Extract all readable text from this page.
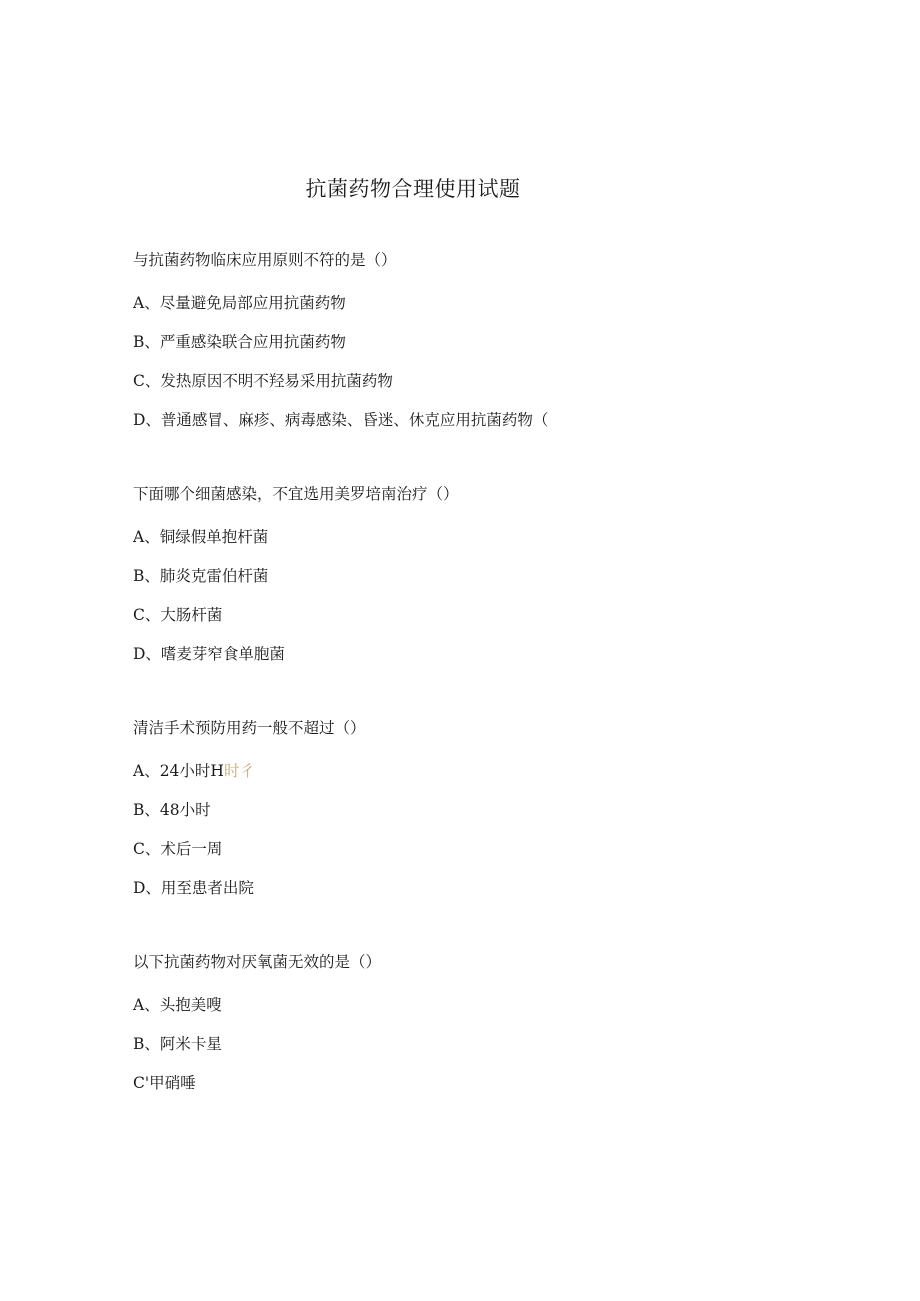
抗菌药物合理使用试题
与抗菌药物临床应用原则不符的是（）
A、尽量避免局部应用抗菌药物
B、严重感染联合应用抗菌药物
C、发热原因不明不羟易采用抗菌药物
D、普通感冒、麻疹、病毒感染、昏迷、休克应用抗菌药物（
下面哪个细菌感染，不宜选用美罗培南治疗（）
A、铜绿假单抱杆菌
B、肺炎克雷伯杆菌
C、大肠杆菌
D、嗜麦芽窄食单胞菌
清洁手术预防用药一般不超过（）
A、24小时H时彳
B、48小时
C、术后一周
D、用至患者出院
以下抗菌药物对厌氧菌无效的是（）
A、头抱美嗖
B、阿米卡星
C'甲硝唾
